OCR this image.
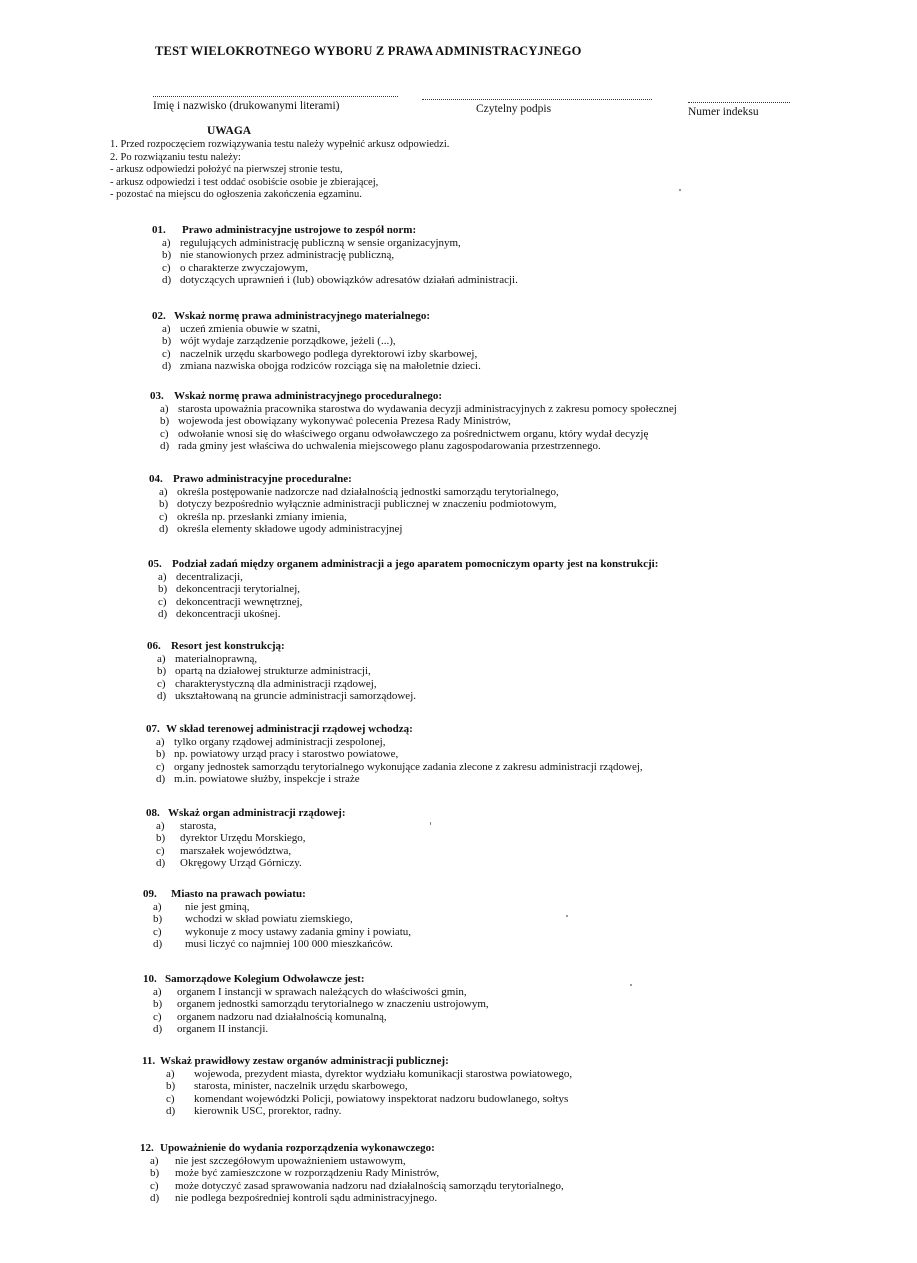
TEST WIELOKROTNEGO WYBORU Z PRAWA ADMINISTRACYJNEGO
Imię i nazwisko (drukowanymi literami)	Czytelny podpis	Numer indeksu
UWAGA
1. Przed rozpoczęciem rozwiązywania testu należy wypełnić arkusz odpowiedzi.
2. Po rozwiązaniu testu należy:
- arkusz odpowiedzi położyć na pierwszej stronie testu,
- arkusz odpowiedzi i test oddać osobiście osobie je zbierającej,
- pozostać na miejscu do ogłoszenia zakończenia egzaminu.
01. Prawo administracyjne ustrojowe to zespół norm:
a) regulujących administrację publiczną w sensie organizacyjnym,
b) nie stanowionych przez administrację publiczną,
c) o charakterze zwyczajowym,
d) dotyczących uprawnień i (lub) obowiązków adresatów działań administracji.
02. Wskaż normę prawa administracyjnego materialnego:
a) uczeń zmienia obuwie w szatni,
b) wójt wydaje zarządzenie porządkowe, jeżeli (...),
c) naczelnik urzędu skarbowego podlega dyrektorowi izby skarbowej,
d) zmiana nazwiska obojga rodziców rozciąga się na małoletnie dzieci.
03. Wskaż normę prawa administracyjnego proceduralnego:
a) starosta upoważnia pracownika starostwa do wydawania decyzji administracyjnych z zakresu pomocy społecznej
b) wojewoda jest obowiązany wykonywać polecenia Prezesa Rady Ministrów,
c) odwołanie wnosi się do właściwego organu odwoławczego za pośrednictwem organu, który wydał decyzję
d) rada gminy jest właściwa do uchwalenia miejscowego planu zagospodarowania przestrzennego.
04. Prawo administracyjne proceduralne:
a) określa postępowanie nadzorcze nad działalnością jednostki samorządu terytorialnego,
b) dotyczy bezpośrednio wyłącznie administracji publicznej w znaczeniu podmiotowym,
c) określa np. przesłanki zmiany imienia,
d) określa elementy składowe ugody administracyjnej
05. Podział zadań między organem administracji a jego aparatem pomocniczym oparty jest na konstrukcji:
a) decentralizacji,
b) dekoncentracji terytorialnej,
c) dekoncentracji wewnętrznej,
d) dekoncentracji ukośnej.
06. Resort jest konstrukcją:
a) materialnoprawną,
b) opartą na działowej strukturze administracji,
c) charakterystyczną dla administracji rządowej,
d) ukształtowaną na gruncie administracji samorządowej.
07. W skład terenowej administracji rządowej wchodzą:
a) tylko organy rządowej administracji zespolonej,
b) np. powiatowy urząd pracy i starostwo powiatowe,
c) organy jednostek samorządu terytorialnego wykonujące zadania zlecone z zakresu administracji rządowej,
d) m.in. powiatowe służby, inspekcje i straże
08. Wskaż organ administracji rządowej:
a) starosta,
b) dyrektor Urzędu Morskiego,
c) marszałek województwa,
d) Okręgowy Urząd Górniczy.
09. Miasto na prawach powiatu:
a) nie jest gminą,
b) wchodzi w skład powiatu ziemskiego,
c) wykonuje z mocy ustawy zadania gminy i powiatu,
d) musi liczyć co najmniej 100 000 mieszkańców.
10. Samorządowe Kolegium Odwoławcze jest:
a) organem I instancji w sprawach należących do właściwości gmin,
b) organem jednostki samorządu terytorialnego w znaczeniu ustrojowym,
c) organem nadzoru nad działalnością komunalną,
d) organem II instancji.
11. Wskaż prawidłowy zestaw organów administracji publicznej:
a) wojewoda, prezydent miasta, dyrektor wydziału komunikacji starostwa powiatowego,
b) starosta, minister, naczelnik urzędu skarbowego,
c) komendant wojewódzki Policji, powiatowy inspektorat nadzoru budowlanego, sołtys
d) kierownik USC, prorektor, radny.
12. Upoważnienie do wydania rozporządzenia wykonawczego:
a) nie jest szczegółowym upoważnieniem ustawowym,
b) może być zamieszczone w rozporządzeniu Rady Ministrów,
c) może dotyczyć zasad sprawowania nadzoru nad działalnością samorządu terytorialnego,
d) nie podlega bezpośredniej kontroli sądu administracyjnego.
